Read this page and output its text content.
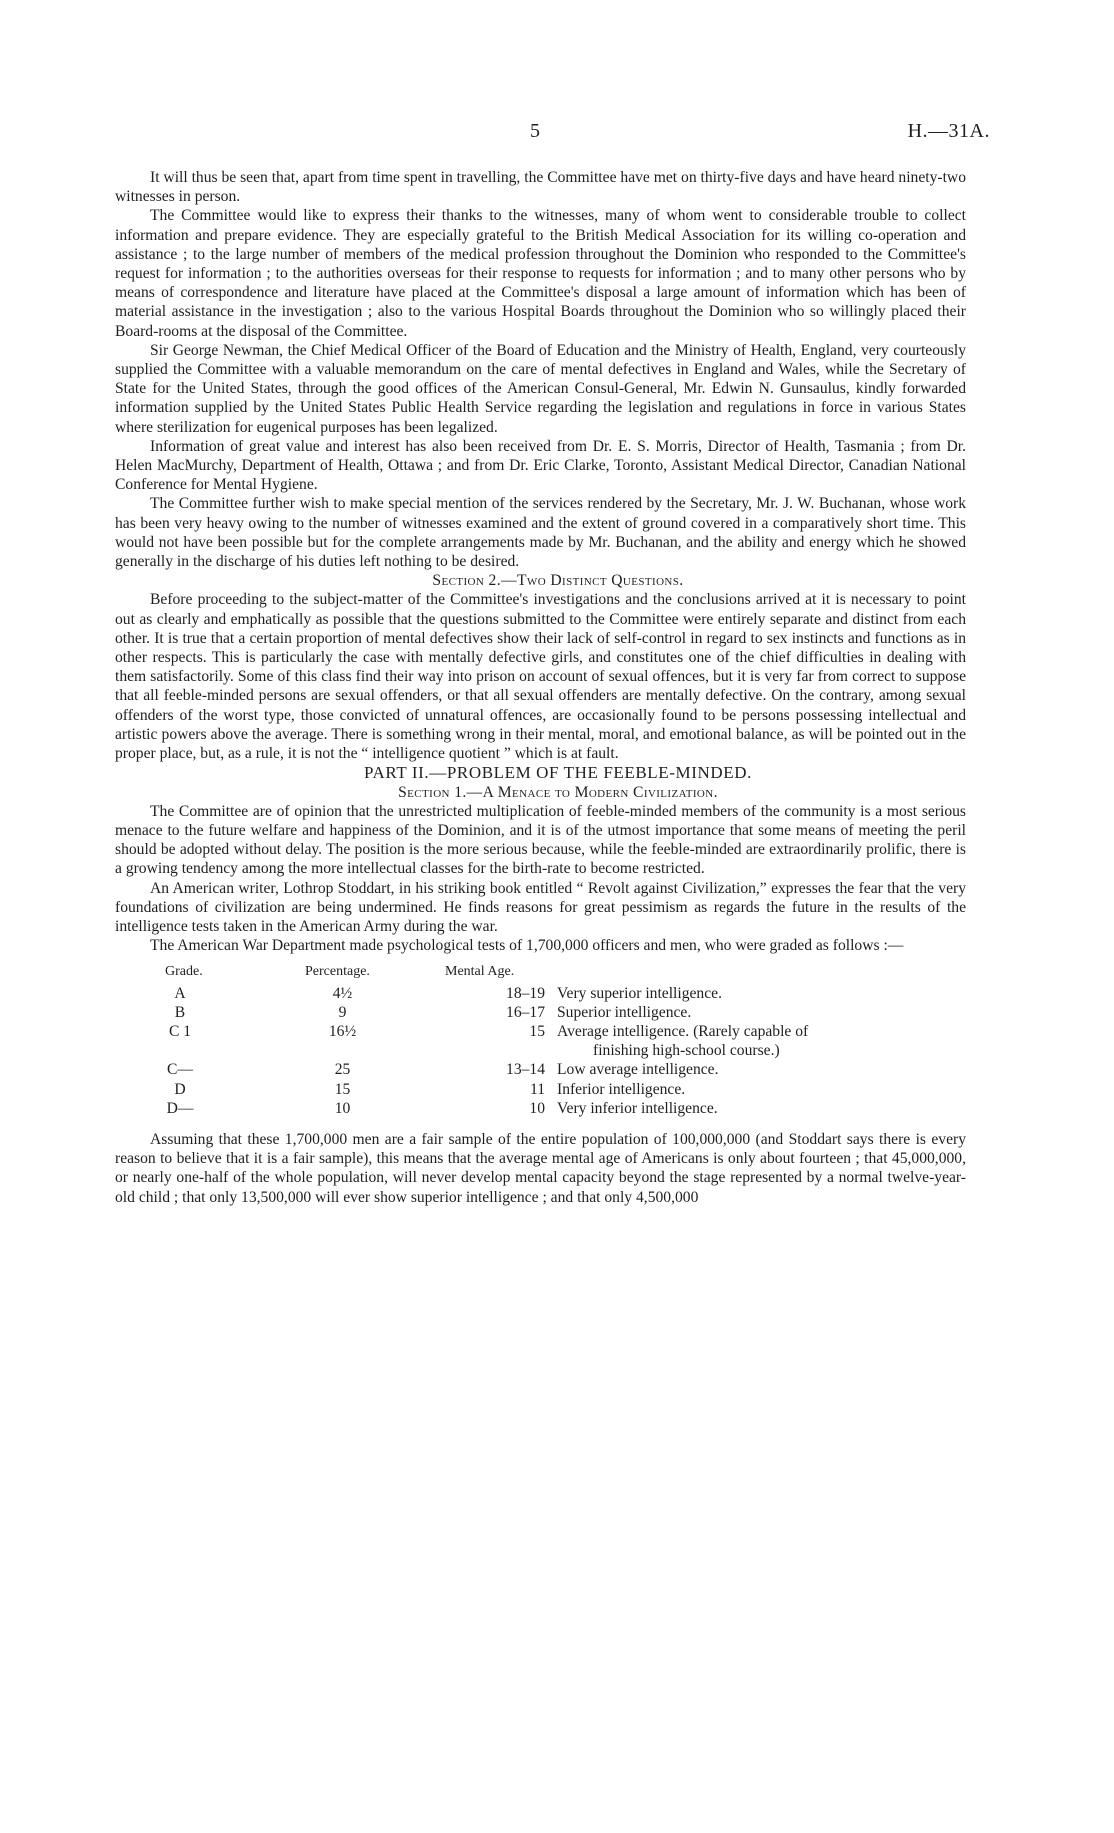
5	H.—31A.

It will thus be seen that, apart from time spent in travelling, the Committee have met on thirty-five days and have heard ninety-two witnesses in person.

The Committee would like to express their thanks to the witnesses, many of whom went to considerable trouble to collect information and prepare evidence. They are especially grateful to the British Medical Association for its willing co-operation and assistance ; to the large number of members of the medical profession throughout the Dominion who responded to the Committee's request for information ; to the authorities overseas for their response to requests for information ; and to many other persons who by means of correspondence and literature have placed at the Committee's disposal a large amount of information which has been of material assistance in the investigation ; also to the various Hospital Boards throughout the Dominion who so willingly placed their Board-rooms at the disposal of the Committee.

Sir George Newman, the Chief Medical Officer of the Board of Education and the Ministry of Health, England, very courteously supplied the Committee with a valuable memorandum on the care of mental defectives in England and Wales, while the Secretary of State for the United States, through the good offices of the American Consul-General, Mr. Edwin N. Gunsaulus, kindly forwarded information supplied by the United States Public Health Service regarding the legislation and regulations in force in various States where sterilization for eugenical purposes has been legalized.

Information of great value and interest has also been received from Dr. E. S. Morris, Director of Health, Tasmania ; from Dr. Helen MacMurchy, Department of Health, Ottawa ; and from Dr. Eric Clarke, Toronto, Assistant Medical Director, Canadian National Conference for Mental Hygiene.

The Committee further wish to make special mention of the services rendered by the Secretary, Mr. J. W. Buchanan, whose work has been very heavy owing to the number of witnesses examined and the extent of ground covered in a comparatively short time. This would not have been possible but for the complete arrangements made by Mr. Buchanan, and the ability and energy which he showed generally in the discharge of his duties left nothing to be desired.

Section 2.—Two Distinct Questions.

Before proceeding to the subject-matter of the Committee's investigations and the conclusions arrived at it is necessary to point out as clearly and emphatically as possible that the questions submitted to the Committee were entirely separate and distinct from each other. It is true that a certain proportion of mental defectives show their lack of self-control in regard to sex instincts and functions as in other respects. This is particularly the case with mentally defective girls, and constitutes one of the chief difficulties in dealing with them satisfactorily. Some of this class find their way into prison on account of sexual offences, but it is very far from correct to suppose that all feeble-minded persons are sexual offenders, or that all sexual offenders are mentally defective. On the contrary, among sexual offenders of the worst type, those convicted of unnatural offences, are occasionally found to be persons possessing intellectual and artistic powers above the average. There is something wrong in their mental, moral, and emotional balance, as will be pointed out in the proper place, but, as a rule, it is not the “ intelligence quotient ” which is at fault.

PART II.—PROBLEM OF THE FEEBLE-MINDED.

Section 1.—A Menace to Modern Civilization.

The Committee are of opinion that the unrestricted multiplication of feeble-minded members of the community is a most serious menace to the future welfare and happiness of the Dominion, and it is of the utmost importance that some means of meeting the peril should be adopted without delay. The position is the more serious because, while the feeble-minded are extraordinarily prolific, there is a growing tendency among the more intellectual classes for the birth-rate to become restricted.

An American writer, Lothrop Stoddart, in his striking book entitled “ Revolt against Civilization,” expresses the fear that the very foundations of civilization are being undermined. He finds reasons for great pessimism as regards the future in the results of the intelligence tests taken in the American Army during the war.

The American War Department made psychological tests of 1,700,000 officers and men, who were graded as follows :—

Grade.	Percentage.	Mental Age.	
A	4½	18–19	Very superior intelligence.
B	9	16–17	Superior intelligence.
C 1	16½	15	Average intelligence. (Rarely capable of
finishing high-school course.)
C—	25	13–14	Low average intelligence.
D	15	11	Inferior intelligence.
D—	10	10	Very inferior intelligence.

Assuming that these 1,700,000 men are a fair sample of the entire population of 100,000,000 (and Stoddart says there is every reason to believe that it is a fair sample), this means that the average mental age of Americans is only about fourteen ; that 45,000,000, or nearly one-half of the whole population, will never develop mental capacity beyond the stage represented by a normal twelve-year-old child ; that only 13,500,000 will ever show superior intelligence ; and that only 4,500,000
